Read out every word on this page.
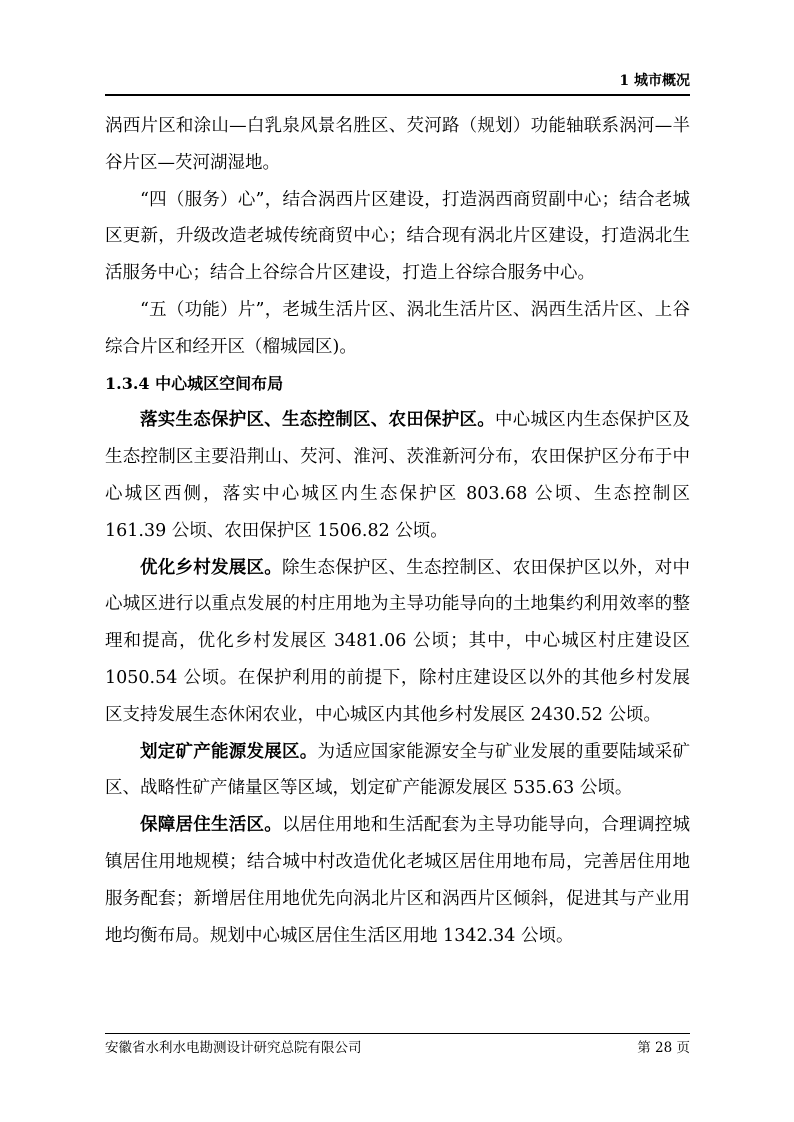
1 城市概况

涡西片区和涂山—白乳泉风景名胜区、芡河路（规划）功能轴联系涡河—半谷片区—芡河湖湿地。

“四（服务）心”，结合涡西片区建设，打造涡西商贸副中心；结合老城区更新，升级改造老城传统商贸中心；结合现有涡北片区建设，打造涡北生活服务中心；结合上谷综合片区建设，打造上谷综合服务中心。

“五（功能）片”，老城生活片区、涡北生活片区、涡西生活片区、上谷综合片区和经开区（榴城园区)。

1.3.4 中心城区空间布局

落实生态保护区、生态控制区、农田保护区。中心城区内生态保护区及生态控制区主要沿荆山、芡河、淮河、茨淮新河分布，农田保护区分布于中心城区西侧，落实中心城区内生态保护区 803.68 公顷、生态控制区 161.39 公顷、农田保护区 1506.82 公顷。

优化乡村发展区。除生态保护区、生态控制区、农田保护区以外，对中心城区进行以重点发展的村庄用地为主导功能导向的土地集约利用效率的整理和提高，优化乡村发展区 3481.06 公顷；其中，中心城区村庄建设区 1050.54 公顷。在保护利用的前提下，除村庄建设区以外的其他乡村发展区支持发展生态休闲农业，中心城区内其他乡村发展区 2430.52 公顷。

划定矿产能源发展区。为适应国家能源安全与矿业发展的重要陆域采矿区、战略性矿产储量区等区域，划定矿产能源发展区 535.63 公顷。

保障居住生活区。以居住用地和生活配套为主导功能导向，合理调控城镇居住用地规模；结合城中村改造优化老城区居住用地布局，完善居住用地服务配套；新增居住用地优先向涡北片区和涡西片区倾斜，促进其与产业用地均衡布局。规划中心城区居住生活区用地 1342.34 公顷。

安徽省水利水电勘测设计研究总院有限公司	第 28 页
